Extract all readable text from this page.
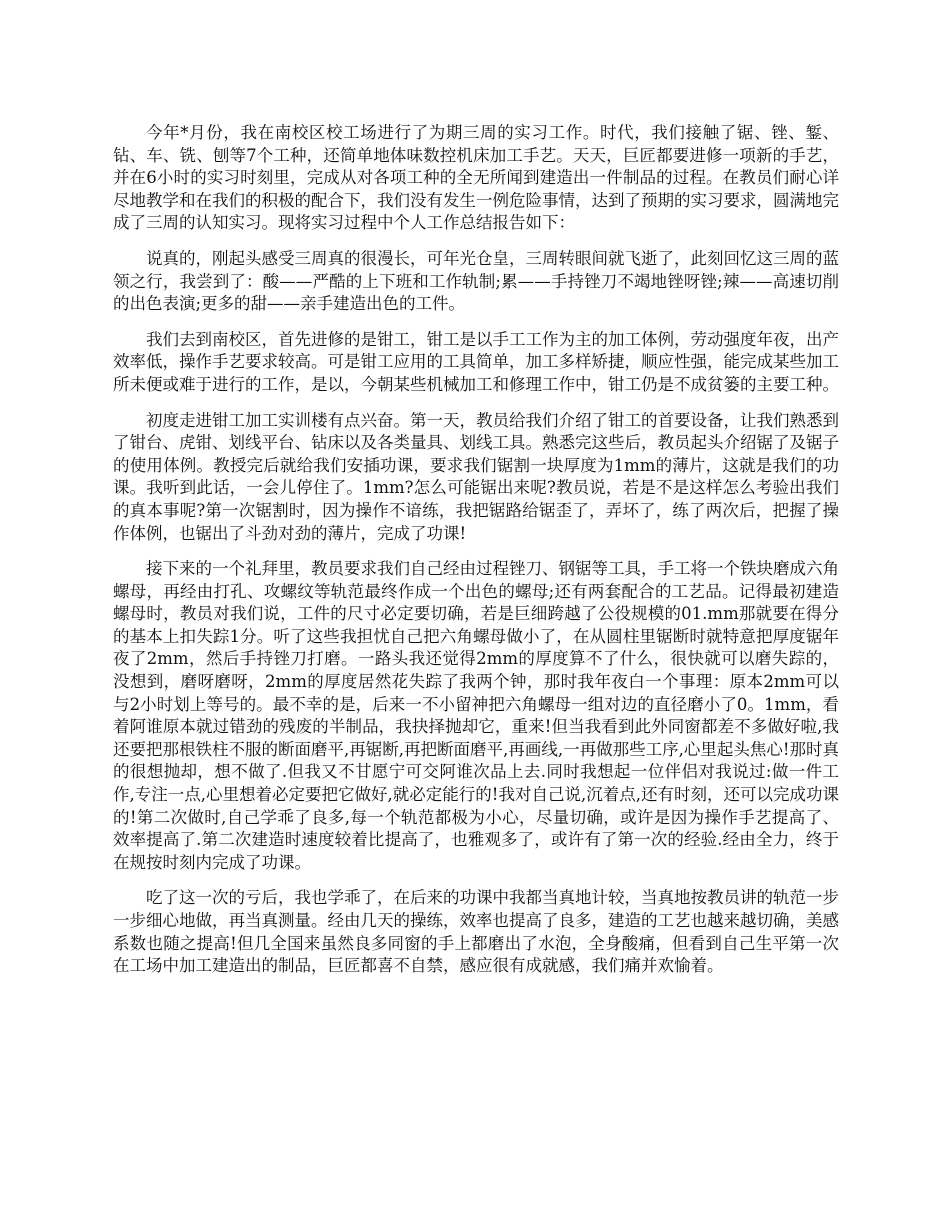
今年*月份，我在南校区校工场进行了为期三周的实习工作。时代，我们接触了锯、锉、錾、钻、车、铣、刨等7个工种，还简单地体味数控机床加工手艺。天天，巨匠都要进修一项新的手艺，并在6小时的实习时刻里，完成从对各项工种的全无所闻到建造出一件制品的过程。在教员们耐心详尽地教学和在我们的积极的配合下，我们没有发生一例危险事情，达到了预期的实习要求，圆满地完成了三周的认知实习。现将实习过程中个人工作总结报告如下：

说真的，刚起头感受三周真的很漫长，可年光仓皇，三周转眼间就飞逝了，此刻回忆这三周的蓝领之行，我尝到了：酸——严酷的上下班和工作轨制;累——手持锉刀不竭地锉呀锉;辣——高速切削的出色表演;更多的甜——亲手建造出色的工件。

我们去到南校区，首先进修的是钳工，钳工是以手工工作为主的加工体例，劳动强度年夜，出产效率低，操作手艺要求较高。可是钳工应用的工具简单，加工多样矫捷，顺应性强，能完成某些加工所未便或难于进行的工作，是以，今朝某些机械加工和修理工作中，钳工仍是不成贫篓的主要工种。

初度走进钳工加工实训楼有点兴奋。第一天，教员给我们介绍了钳工的首要设备，让我们熟悉到了钳台、虎钳、划线平台、钻床以及各类量具、划线工具。熟悉完这些后，教员起头介绍锯了及锯子的使用体例。教授完后就给我们安插功课，要求我们锯割一块厚度为1mm的薄片，这就是我们的功课。我听到此话，一会儿停住了。1mm?怎么可能锯出来呢?教员说，若是不是这样怎么考验出我们的真本事呢?第一次锯割时，因为操作不谙练，我把锯路给锯歪了，弄坏了，练了两次后，把握了操作体例，也锯出了斗劲对劲的薄片，完成了功课!

接下来的一个礼拜里，教员要求我们自己经由过程锉刀、钢锯等工具，手工将一个铁块磨成六角螺母，再经由打孔、攻螺纹等轨范最终作成一个出色的螺母;还有两套配合的工艺品。记得最初建造螺母时，教员对我们说，工件的尺寸必定要切确，若是巨细跨越了公役规模的01.mm那就要在得分的基本上扣失踪1分。听了这些我担忧自己把六角螺母做小了，在从圆柱里锯断时就特意把厚度锯年夜了2mm，然后手持锉刀打磨。一路头我还觉得2mm的厚度算不了什么，很快就可以磨失踪的，没想到，磨呀磨呀，2mm的厚度居然花失踪了我两个钟，那时我年夜白一个事理：原本2mm可以与2小时划上等号的。最不幸的是，后来一不小留神把六角螺母一组对边的直径磨小了0。1mm，看着阿谁原本就过错劲的残废的半制品，我抉择抛却它，重来!但当我看到此外同窗都差不多做好啦,我还要把那根铁柱不服的断面磨平,再锯断,再把断面磨平,再画线,一再做那些工序,心里起头焦心!那时真的很想抛却，想不做了.但我又不甘愿宁可交阿谁次品上去.同时我想起一位伴侣对我说过:做一件工作,专注一点,心里想着必定要把它做好,就必定能行的!我对自己说,沉着点,还有时刻，还可以完成功课的!第二次做时,自己学乖了良多,每一个轨范都极为小心，尽量切确，或许是因为操作手艺提高了、效率提高了.第二次建造时速度较着比提高了，也雅观多了，或许有了第一次的经验.经由全力，终于在规按时刻内完成了功课。

吃了这一次的亏后，我也学乖了，在后来的功课中我都当真地计较，当真地按教员讲的轨范一步一步细心地做，再当真测量。经由几天的操练，效率也提高了良多，建造的工艺也越来越切确，美感系数也随之提高!但几全国来虽然良多同窗的手上都磨出了水泡，全身酸痛，但看到自己生平第一次在工场中加工建造出的制品，巨匠都喜不自禁，感应很有成就感，我们痛并欢愉着。
